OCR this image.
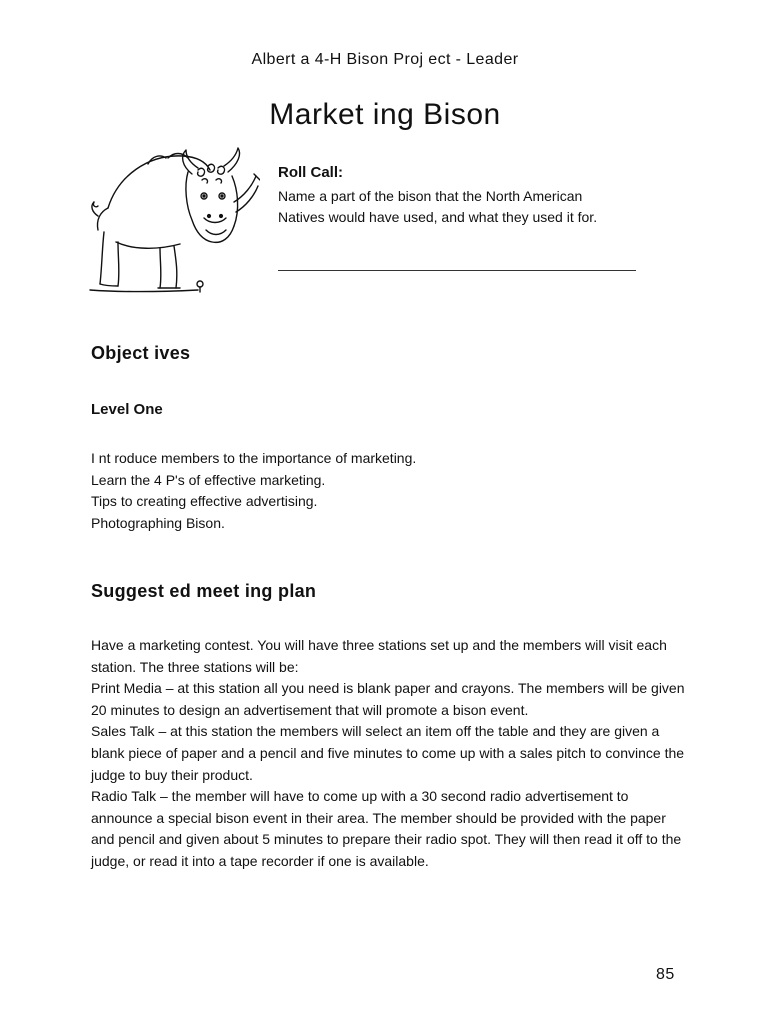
Albert a 4-H Bison Proj ect - Leader
Market ing Bison
Roll Call:
Name a part of the bison that the North American
Natives would have used, and what they used it for.
Object ives
Level One
I nt roduce members to the importance of marketing.
Learn the 4 P's of effective marketing.
Tips to creating effective advertising.
Photographing Bison.
Suggest ed meet ing plan

Have a marketing contest. You will have three stations set up and the members will visit each station. The three stations will be:

Print Media – at this station all you need is blank paper and crayons. The members will be given 20 minutes to design an advertisement that will promote a bison event.

Sales Talk – at this station the members will select an item off the table and they are given a blank piece of paper and a pencil and five minutes to come up with a sales pitch to convince the judge to buy their product.

Radio Talk – the member will have to come up with a 30 second radio advertisement to announce a special bison event in their area. The member should be provided with the paper and pencil and given about 5 minutes to prepare their radio spot. They will then read it off to the judge, or read it into a tape recorder if one is available.

85
